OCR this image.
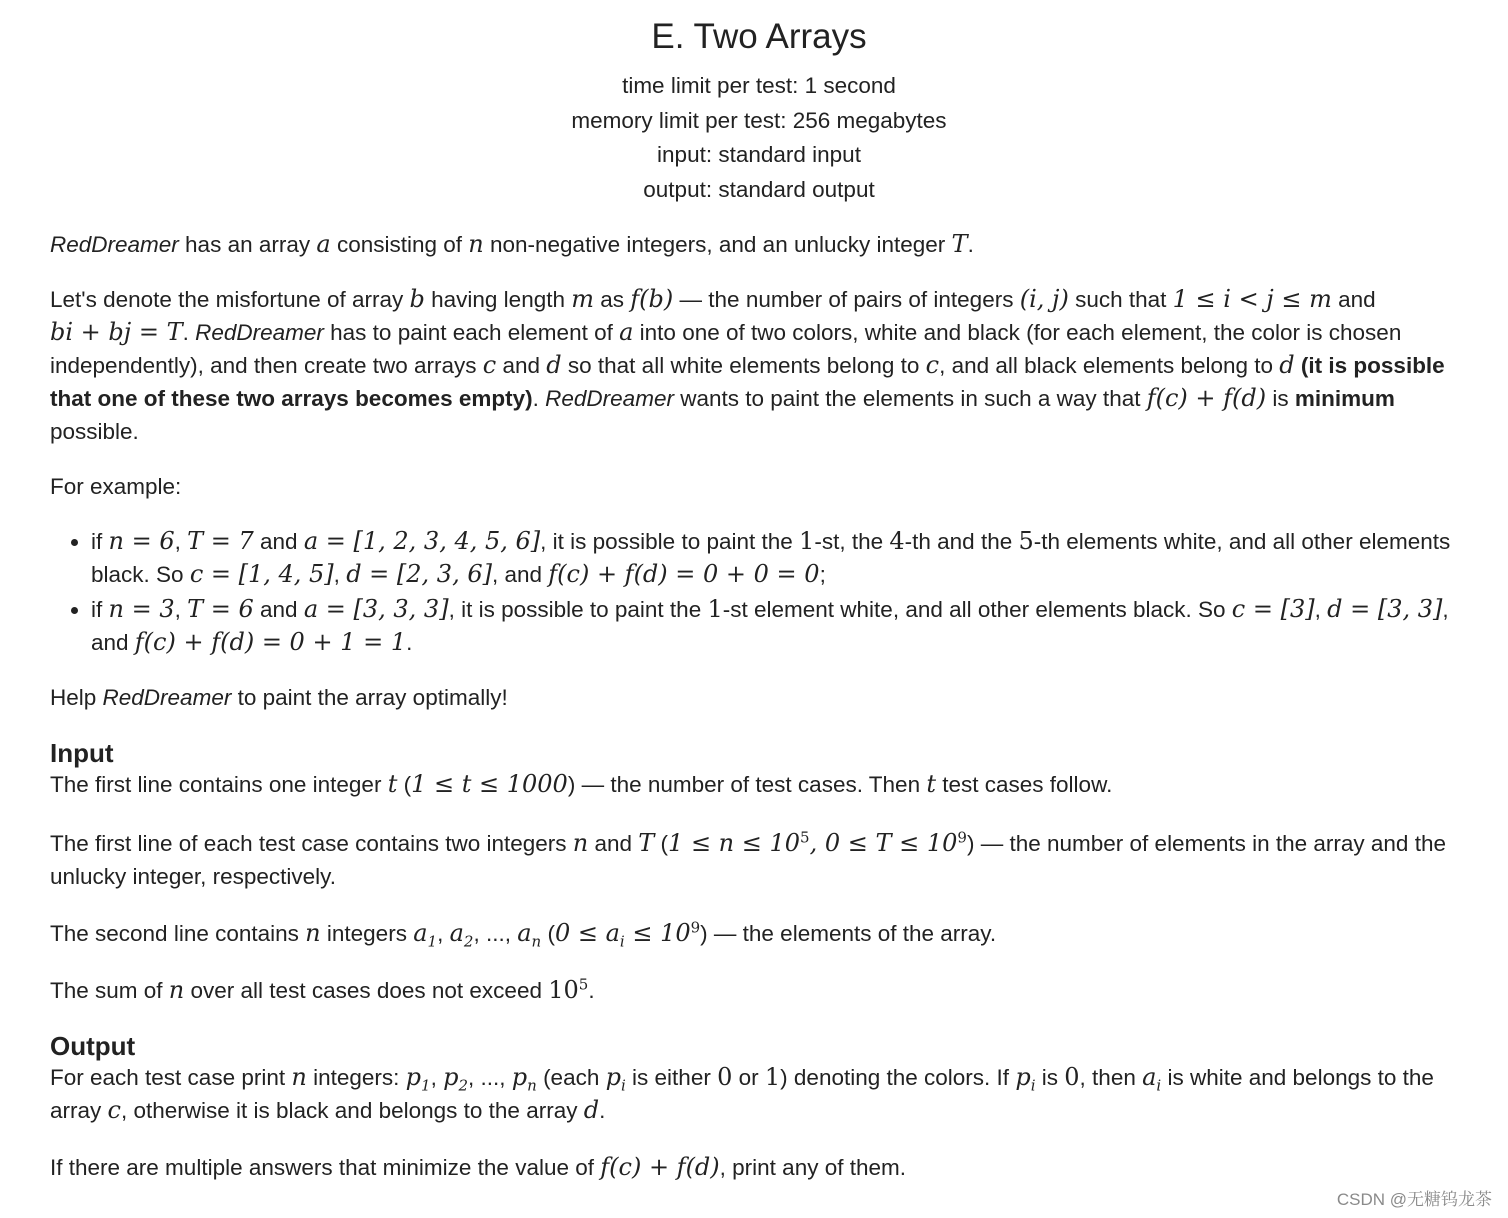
E. Two Arrays
time limit per test: 1 second
memory limit per test: 256 megabytes
input: standard input
output: standard output

RedDreamer has an array a consisting of n non-negative integers, and an unlucky integer T.

Let's denote the misfortune of array b having length m as f(b) — the number of pairs of integers (i, j) such that 1 ≤ i < j ≤ m and
bi + bj = T. RedDreamer has to paint each element of a into one of two colors, white and black (for each element, the color is chosen independently), and then create two arrays c and d so that all white elements belong to c, and all black elements belong to d (it is possible that one of these two arrays becomes empty). RedDreamer wants to paint the elements in such a way that f(c) + f(d) is minimum possible.

For example:

• if n = 6, T = 7 and a = [1, 2, 3, 4, 5, 6], it is possible to paint the 1-st, the 4-th and the 5-th elements white, and all other elements black. So c = [1, 4, 5], d = [2, 3, 6], and f(c) + f(d) = 0 + 0 = 0;
• if n = 3, T = 6 and a = [3, 3, 3], it is possible to paint the 1-st element white, and all other elements black. So c = [3], d = [3, 3], and f(c) + f(d) = 0 + 1 = 1.

Help RedDreamer to paint the array optimally!

Input

The first line contains one integer t (1 ≤ t ≤ 1000) — the number of test cases. Then t test cases follow.

The first line of each test case contains two integers n and T ($1 \le n \le 10^5$, $0 \le T \le 10^9$) — the number of elements in the array and the unlucky integer, respectively.

The second line contains n integers $a_1$, $a_2$, ..., $a_n$ $(0 \le a_i \le 10^9)$ — the elements of the array.

The sum of n over all test cases does not exceed $10^5$.

Output

For each test case print n integers: $p_1$, $p_2$, ..., $p_n$ (each $p_i$ is either 0 or 1) denoting the colors. If $p_i$ is 0, then $a_i$ is white and belongs to the array c, otherwise it is black and belongs to the array d.

If there are multiple answers that minimize the value of f(c) + f(d), print any of them.

CSDN @无糖钨龙茶
